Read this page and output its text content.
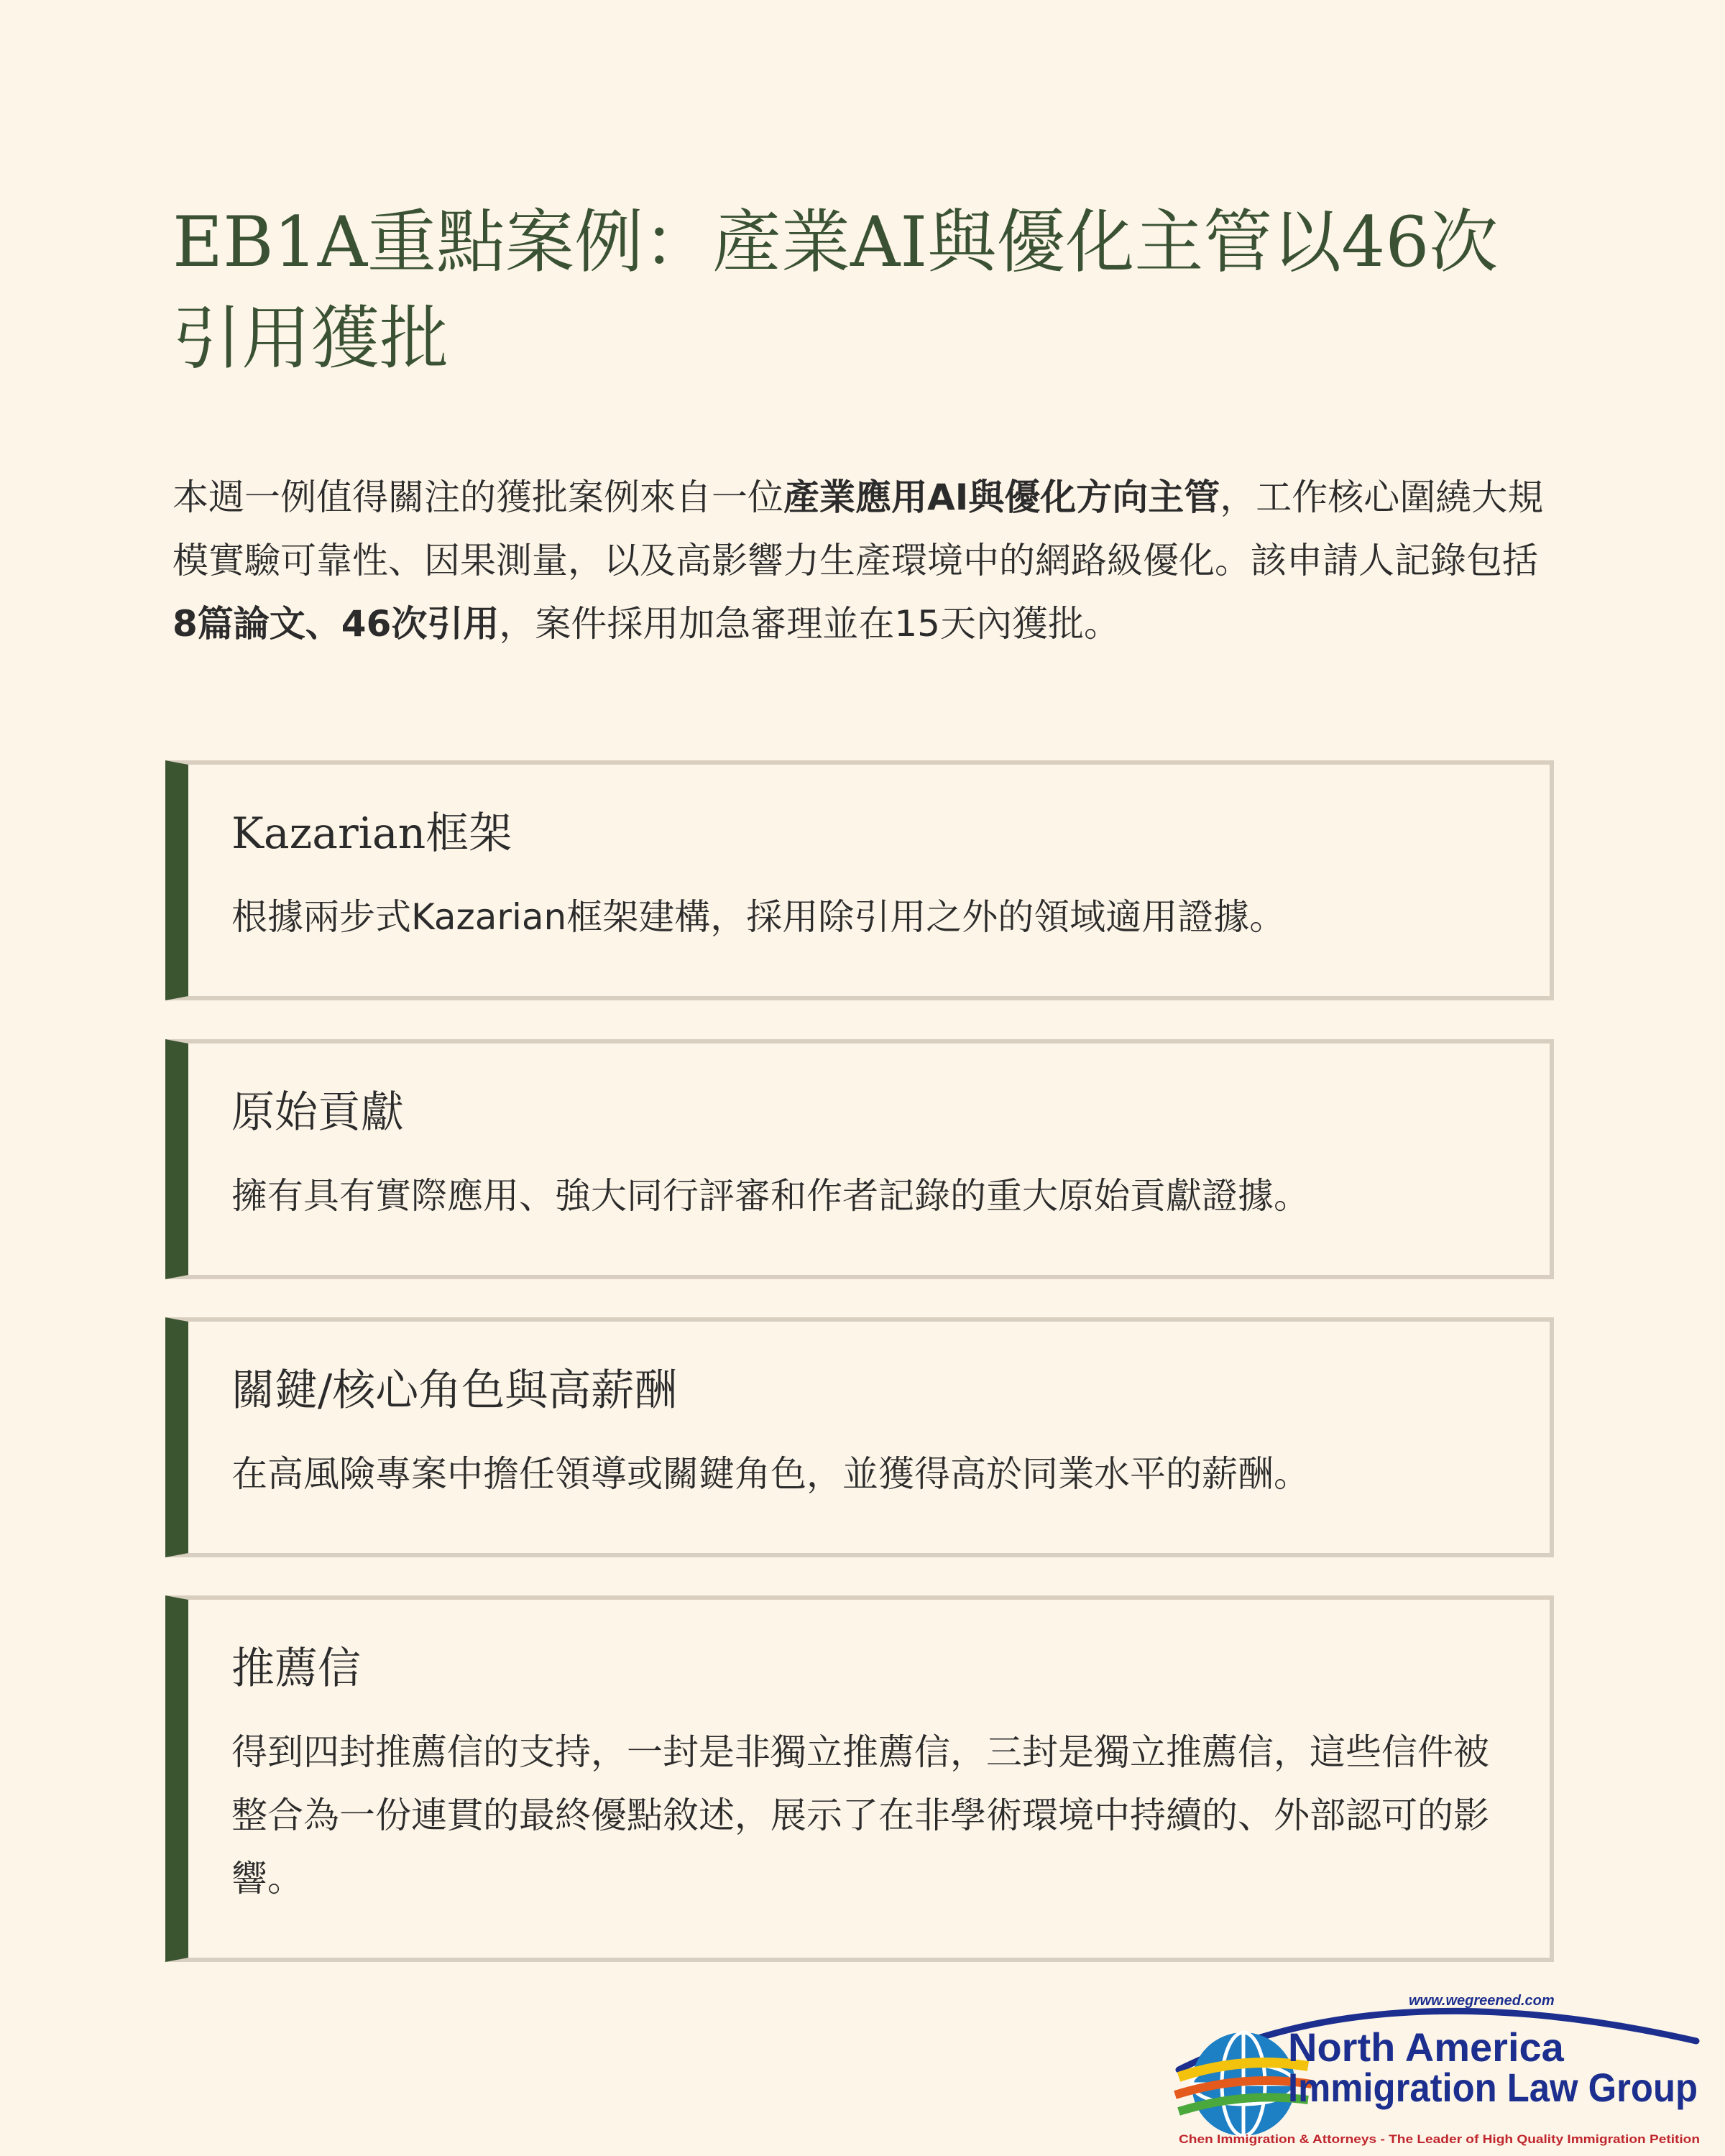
EB1A重點案例：產業AI與優化主管以46次引用獲批

本週一例值得關注的獲批案例來自一位產業應用AI與優化方向主管，工作核心圍繞大規模實驗可靠性、因果測量，以及高影響力生產環境中的網路級優化。該申請人記錄包括8篇論文、46次引用，案件採用加急審理並在15天內獲批。

Kazarian框架

根據兩步式Kazarian框架建構，採用除引用之外的領域適用證據。

原始貢獻

擁有具有實際應用、強大同行評審和作者記錄的重大原始貢獻證據。

關鍵/核心角色與高薪酬

在高風險專案中擔任領導或關鍵角色，並獲得高於同業水平的薪酬。

推薦信

得到四封推薦信的支持，一封是非獨立推薦信，三封是獨立推薦信，這些信件被整合為一份連貫的最終優點敘述，展示了在非學術環境中持續的、外部認可的影響。

www.wegreened.com
North America
Immigration Law Group
Chen Immigration & Attorneys - The Leader of High Quality Immigration Petition
